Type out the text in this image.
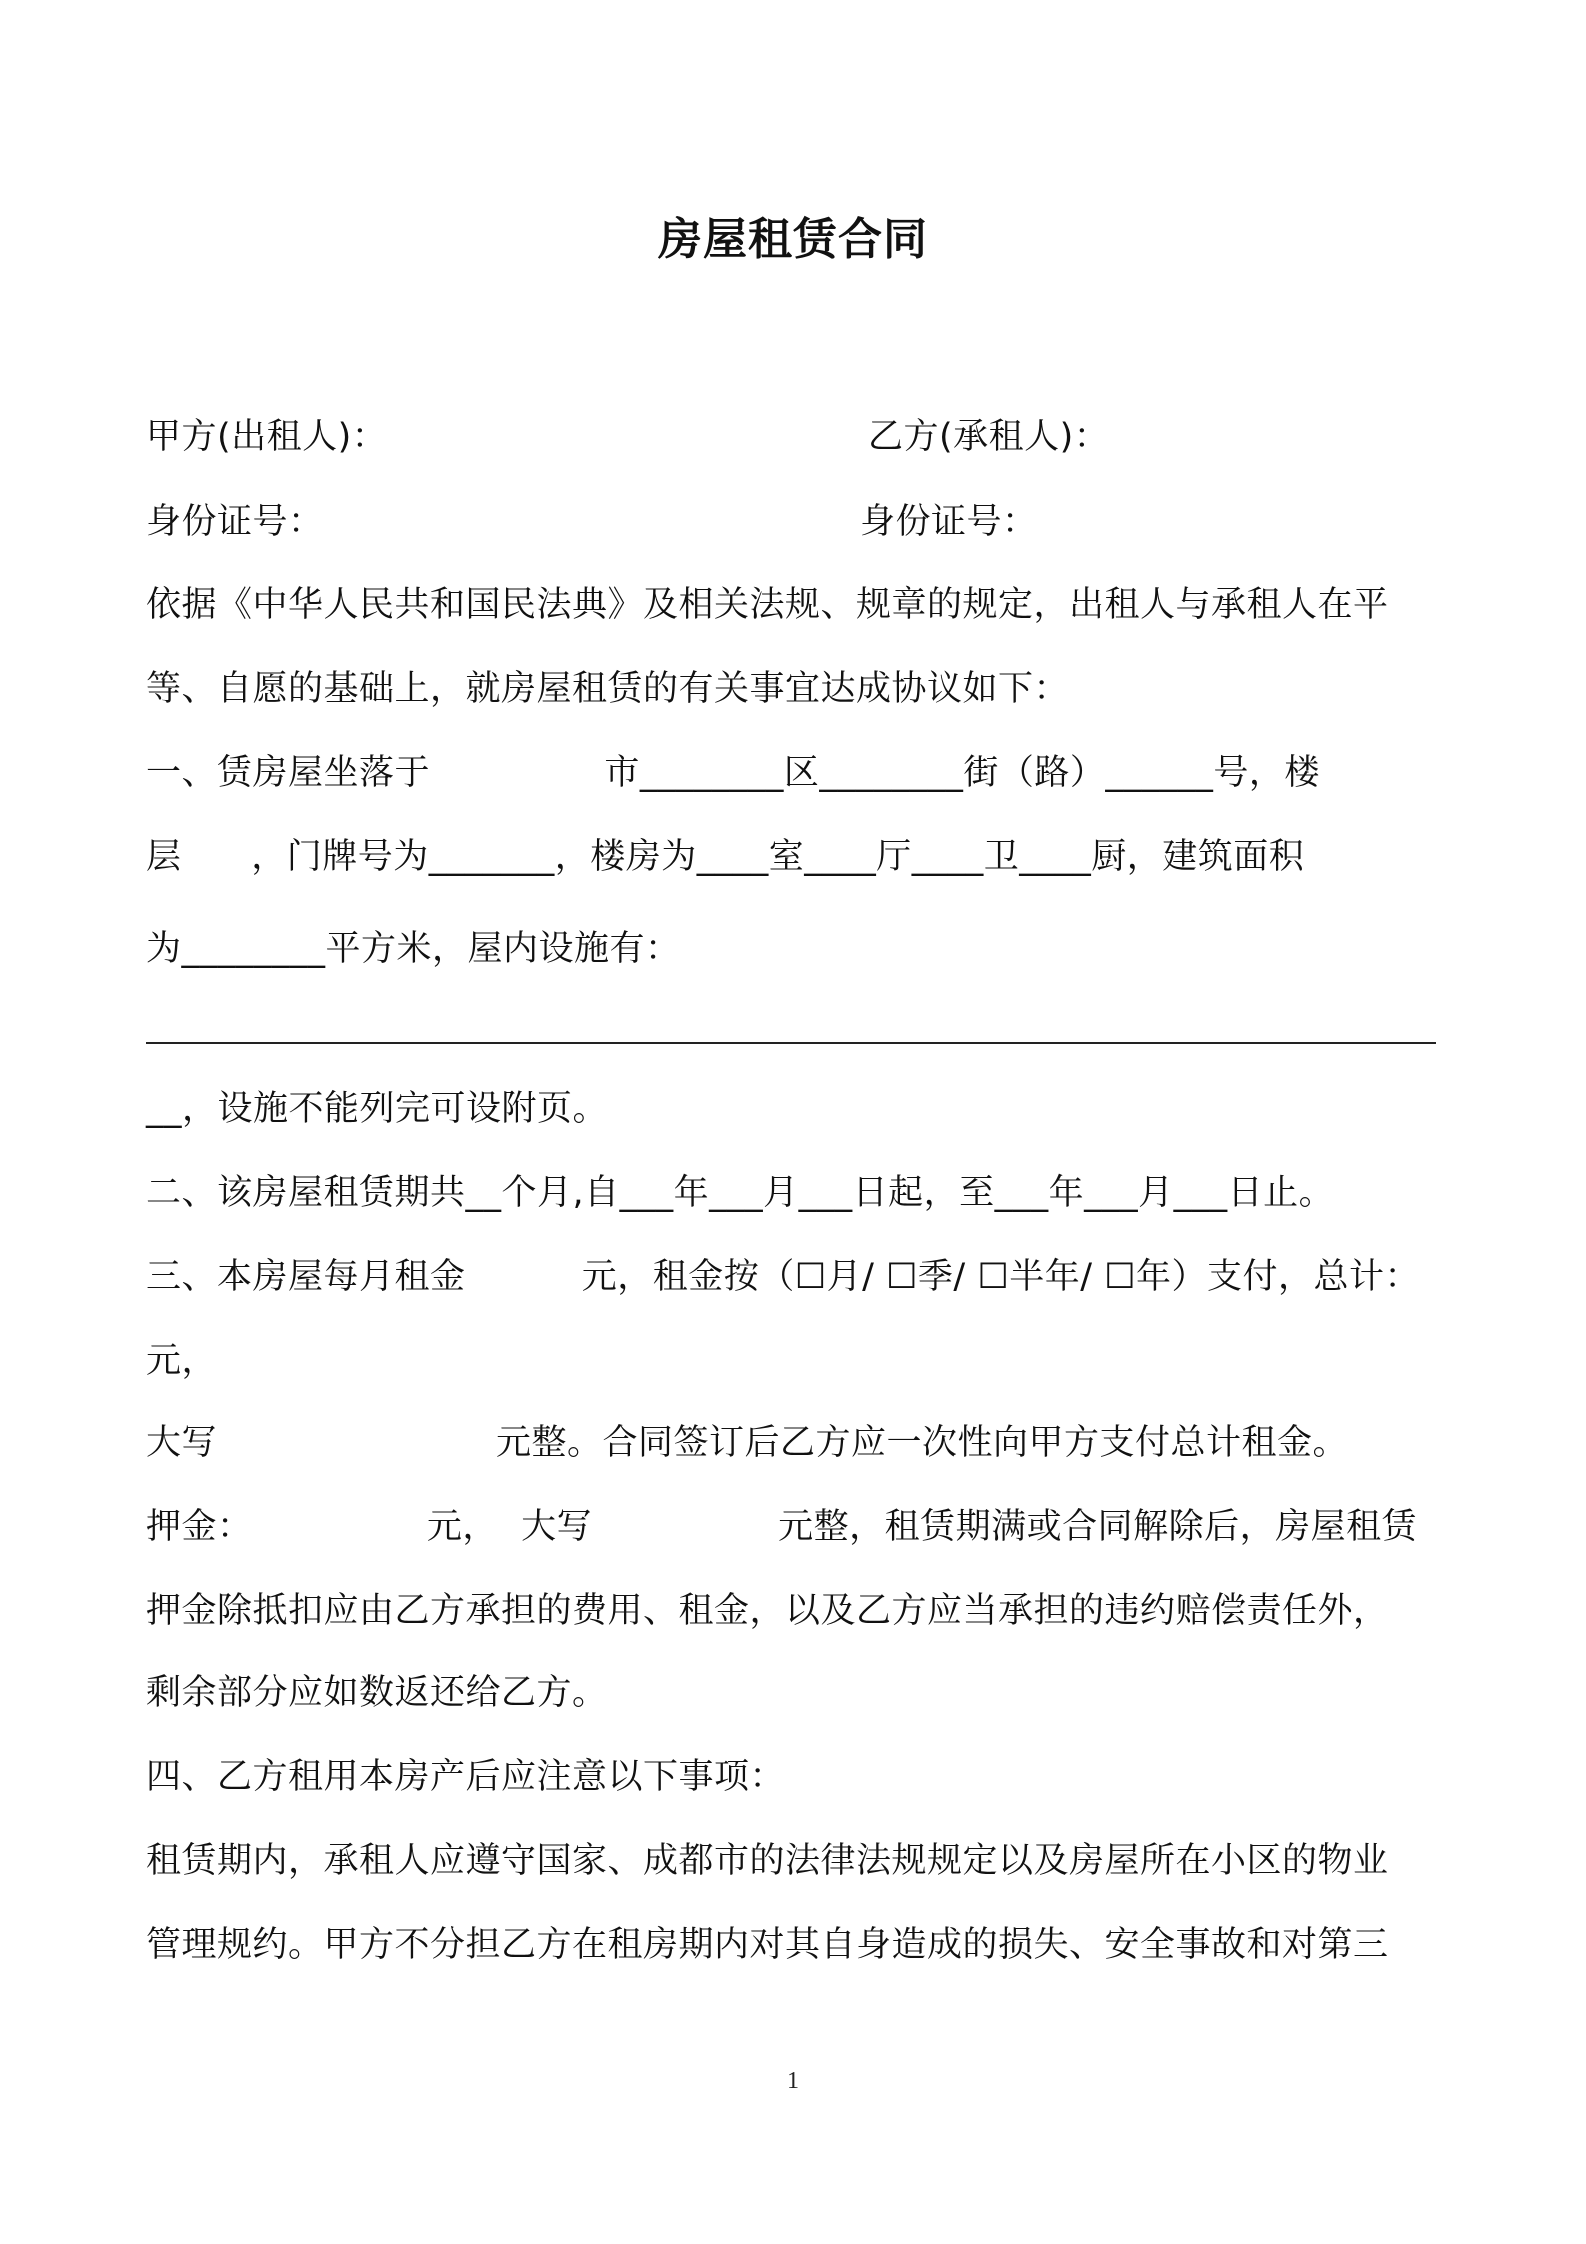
房屋租赁合同
甲方(出租人)：	乙方(承租人)：
身份证号：	身份证号：
依据《中华人民共和国民法典》及相关法规、规章的规定，出租人与承租人在平
等、自愿的基础上，就房屋租赁的有关事宜达成协议如下：
一、赁房屋坐落于               市________区________街（路）______号，楼
层      ，门牌号为_______，楼房为____室____厅____卫____厨，建筑面积
为________平方米，屋内设施有：
__，设施不能列完可设附页。
二、该房屋租赁期共__个月,自___年___月___日起，至___年___月___日止。
三、本房屋每月租金          元，租金按（☐月/ ☐季/ ☐半年/ ☐年）支付，总计：
元，
大写                        元整。合同签订后乙方应一次性向甲方支付总计租金。
押金：               元，  大写                元整，租赁期满或合同解除后，房屋租赁
押金除抵扣应由乙方承担的费用、租金，以及乙方应当承担的违约赔偿责任外，
剩余部分应如数返还给乙方。
四、乙方租用本房产后应注意以下事项：
租赁期内，承租人应遵守国家、成都市的法律法规规定以及房屋所在小区的物业
管理规约。甲方不分担乙方在租房期内对其自身造成的损失、安全事故和对第三
1
